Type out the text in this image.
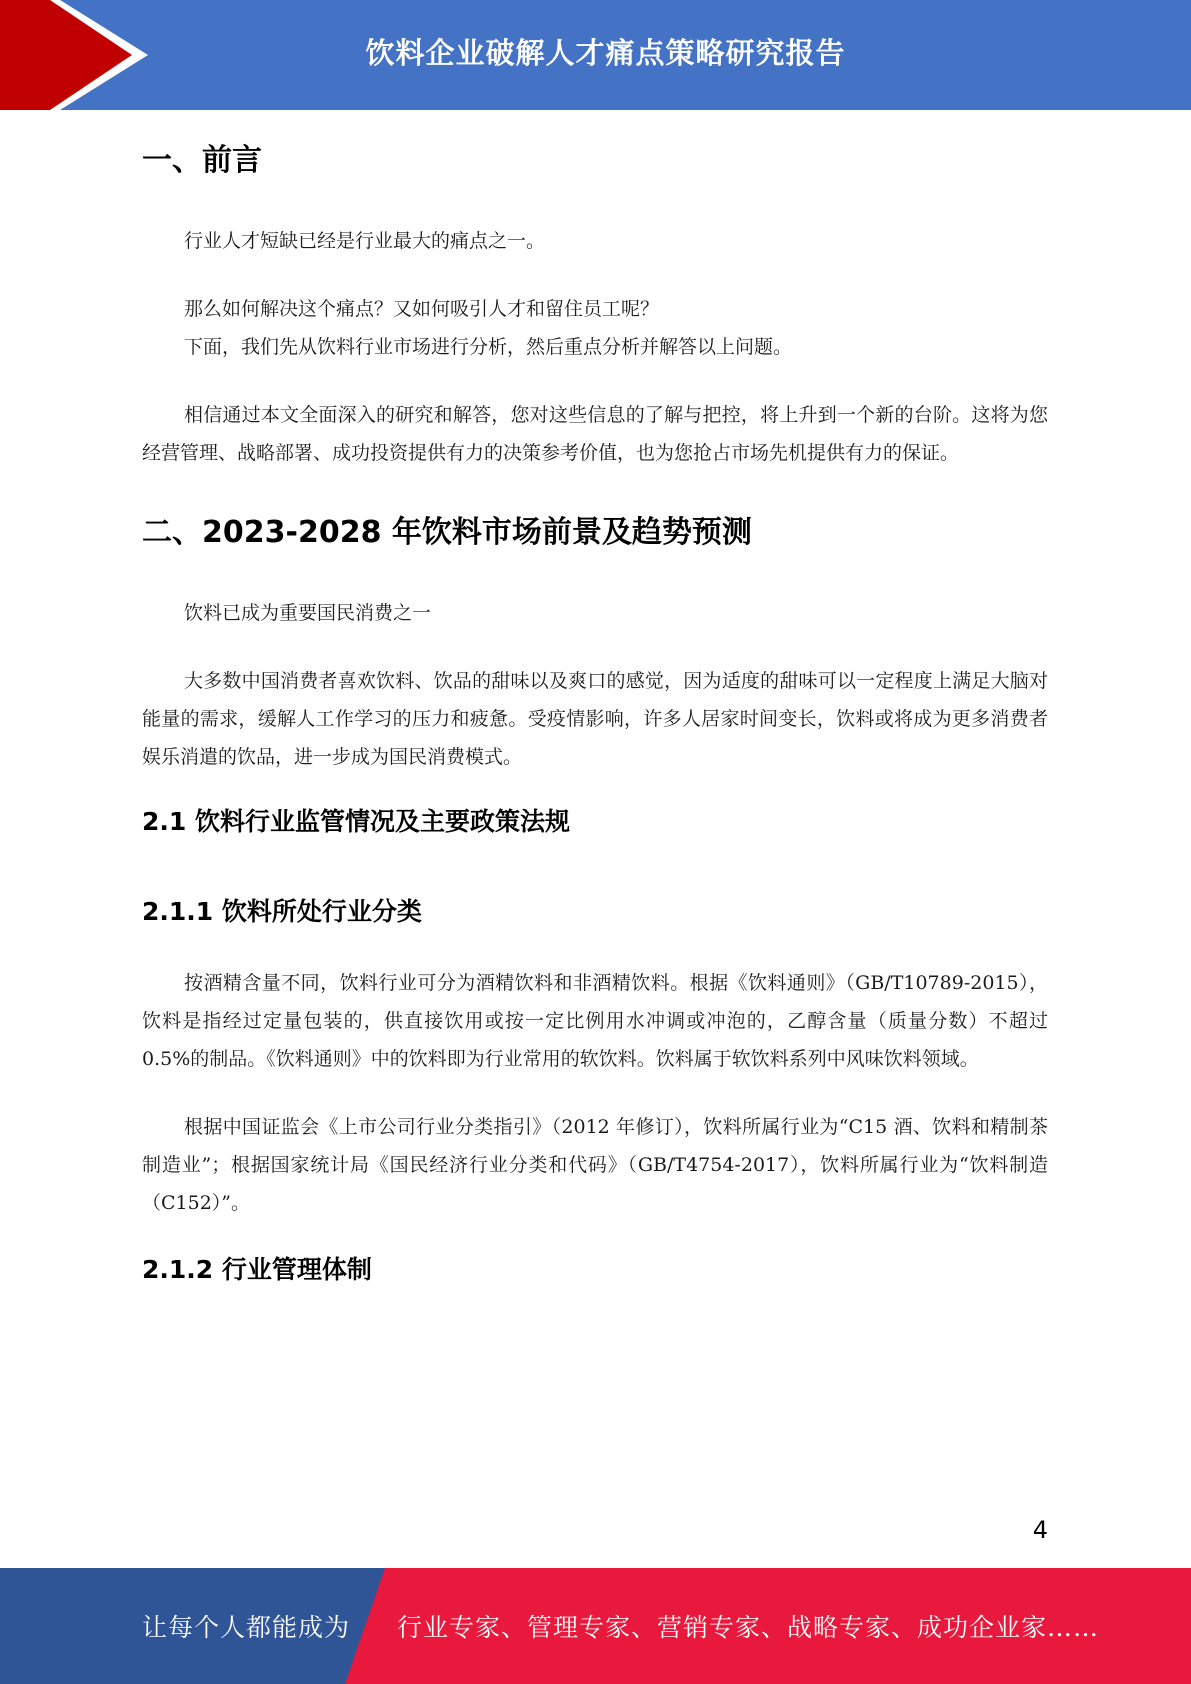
饮料企业破解人才痛点策略研究报告
一、前言

行业人才短缺已经是行业最大的痛点之一。

那么如何解决这个痛点？又如何吸引人才和留住员工呢？

下面，我们先从饮料行业市场进行分析，然后重点分析并解答以上问题。

相信通过本文全面深入的研究和解答，您对这些信息的了解与把控，将上升到一个新的台阶。这将为您经营管理、战略部署、成功投资提供有力的决策参考价值，也为您抢占市场先机提供有力的保证。

二、2023-2028 年饮料市场前景及趋势预测

饮料已成为重要国民消费之一

大多数中国消费者喜欢饮料、饮品的甜味以及爽口的感觉，因为适度的甜味可以一定程度上满足大脑对能量的需求，缓解人工作学习的压力和疲惫。受疫情影响，许多人居家时间变长，饮料或将成为更多消费者娱乐消遣的饮品，进一步成为国民消费模式。

2.1 饮料行业监管情况及主要政策法规
2.1.1 饮料所处行业分类

按酒精含量不同，饮料行业可分为酒精饮料和非酒精饮料。根据《饮料通则》（GB/T10789-2015），饮料是指经过定量包装的，供直接饮用或按一定比例用水冲调或冲泡的，乙醇含量（质量分数）不超过 0.5%的制品。《饮料通则》中的饮料即为行业常用的软饮料。饮料属于软饮料系列中风味饮料领域。

根据中国证监会《上市公司行业分类指引》（2012 年修订），饮料所属行业为“C15 酒、饮料和精制茶制造业”；根据国家统计局《国民经济行业分类和代码》（GB/T4754-2017），饮料所属行业为“饮料制造（C152）”。

2.1.2 行业管理体制
4
让每个人都能成为 行业专家、管理专家、营销专家、战略专家、成功企业家……
